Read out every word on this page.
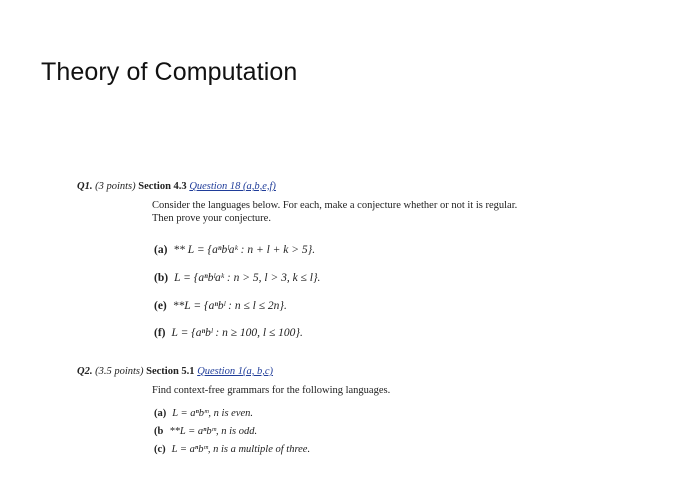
Theory of Computation
Q1. (3 points) Section 4.3 Question 18 (a,b,e,f)
Consider the languages below. For each, make a conjecture whether or not it is regular. Then prove your conjecture.
(a) ** L = {aⁿbˡaᵏ : n + l + k > 5}.
(b) L = {aⁿbˡaᵏ : n > 5, l > 3, k ≤ l}.
(e) **L = {aⁿbˡ : n ≤ l ≤ 2n}.
(f) L = {aⁿbˡ : n ≥ 100, l ≤ 100}.
Q2. (3.5 points) Section 5.1 Question 1(a, b,c)
Find context-free grammars for the following languages.
(a) L = aⁿbᵐ, n is even.
(b **L = aⁿbᵐ, n is odd.
(c) L = aⁿbᵐ, n is a multiple of three.
